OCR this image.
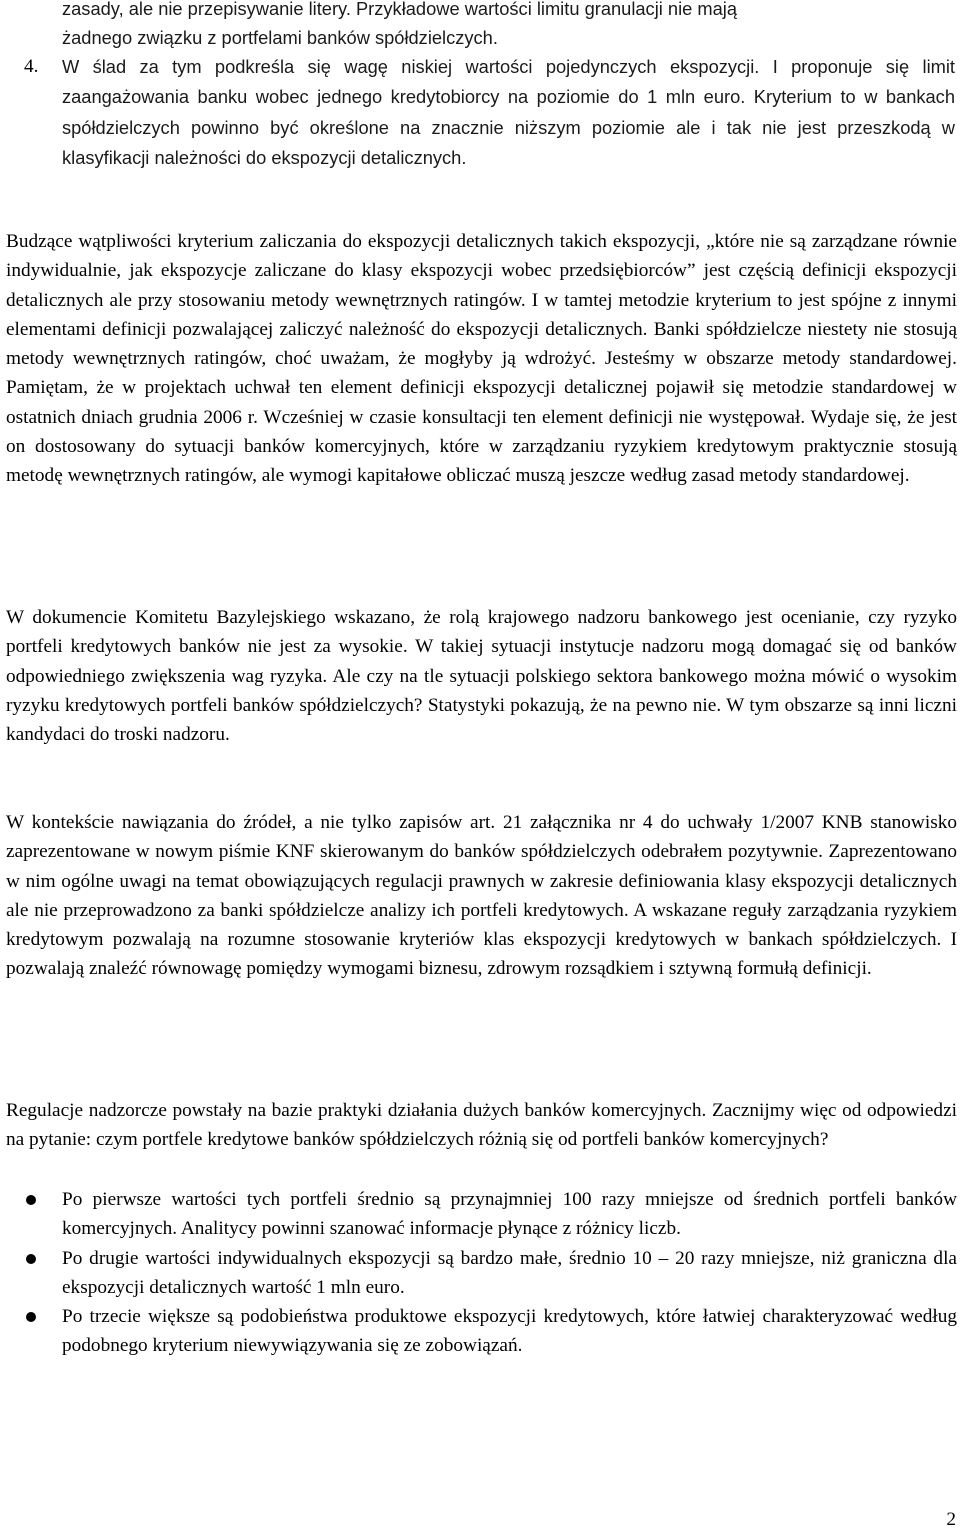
zasady, ale nie przepisywanie litery. Przykładowe wartości limitu granulacji nie mają

żadnego związku z portfelami banków spółdzielczych.

4. W ślad za tym podkreśla się wagę niskiej wartości pojedynczych ekspozycji. I proponuje się limit zaangażowania banku wobec jednego kredytobiorcy na poziomie do 1 mln euro. Kryterium to w bankach spółdzielczych powinno być określone na znacznie niższym poziomie ale i tak nie jest przeszkodą w klasyfikacji należności do ekspozycji detalicznych.

Budzące wątpliwości kryterium zaliczania do ekspozycji detalicznych takich ekspozycji, „które nie są zarządzane równie indywidualnie, jak ekspozycje zaliczane do klasy ekspozycji wobec przedsiębiorców” jest częścią definicji ekspozycji detalicznych ale przy stosowaniu metody wewnętrznych ratingów. I w tamtej metodzie kryterium to jest spójne z innymi elementami definicji pozwalającej zaliczyć należność do ekspozycji detalicznych. Banki spółdzielcze niestety nie stosują metody wewnętrznych ratingów, choć uważam, że mogłyby ją wdrożyć. Jesteśmy w obszarze metody standardowej. Pamiętam, że w projektach uchwał ten element definicji ekspozycji detalicznej pojawił się metodzie standardowej w ostatnich dniach grudnia 2006 r. Wcześniej w czasie konsultacji ten element definicji nie występował. Wydaje się, że jest on dostosowany do sytuacji banków komercyjnych, które w zarządzaniu ryzykiem kredytowym praktycznie stosują metodę wewnętrznych ratingów, ale wymogi kapitałowe obliczać muszą jeszcze według zasad metody standardowej.

W dokumencie Komitetu Bazylejskiego wskazano, że rolą krajowego nadzoru bankowego jest ocenianie, czy ryzyko portfeli kredytowych banków nie jest za wysokie. W takiej sytuacji instytucje nadzoru mogą domagać się od banków odpowiedniego zwiększenia wag ryzyka. Ale czy na tle sytuacji polskiego sektora bankowego można mówić o wysokim ryzyku kredytowych portfeli banków spółdzielczych? Statystyki pokazują, że na pewno nie. W tym obszarze są inni liczni kandydaci do troski nadzoru.

W kontekście nawiązania do źródeł, a nie tylko zapisów art. 21 załącznika nr 4 do uchwały 1/2007 KNB stanowisko zaprezentowane w nowym piśmie KNF skierowanym do banków spółdzielczych odebrałem pozytywnie. Zaprezentowano w nim ogólne uwagi na temat obowiązujących regulacji prawnych w zakresie definiowania klasy ekspozycji detalicznych ale nie przeprowadzono za banki spółdzielcze analizy ich portfeli kredytowych. A wskazane reguły zarządzania ryzykiem kredytowym pozwalają na rozumne stosowanie kryteriów klas ekspozycji kredytowych w bankach spółdzielczych. I pozwalają znaleźć równowagę pomiędzy wymogami biznesu, zdrowym rozsądkiem i sztywną formułą definicji.

Regulacje nadzorcze powstały na bazie praktyki działania dużych banków komercyjnych. Zacznijmy więc od odpowiedzi na pytanie: czym portfele kredytowe banków spółdzielczych różnią się od portfeli banków komercyjnych?

Po pierwsze wartości tych portfeli średnio są przynajmniej 100 razy mniejsze od średnich portfeli banków komercyjnych. Analitycy powinni szanować informacje płynące z różnicy liczb.
Po drugie wartości indywidualnych ekspozycji są bardzo małe, średnio 10 – 20 razy mniejsze, niż graniczna dla ekspozycji detalicznych wartość 1 mln euro.
Po trzecie większe są podobieństwa produktowe ekspozycji kredytowych, które łatwiej charakteryzować według podobnego kryterium niewywiązywania się ze zobowiązań.
2
